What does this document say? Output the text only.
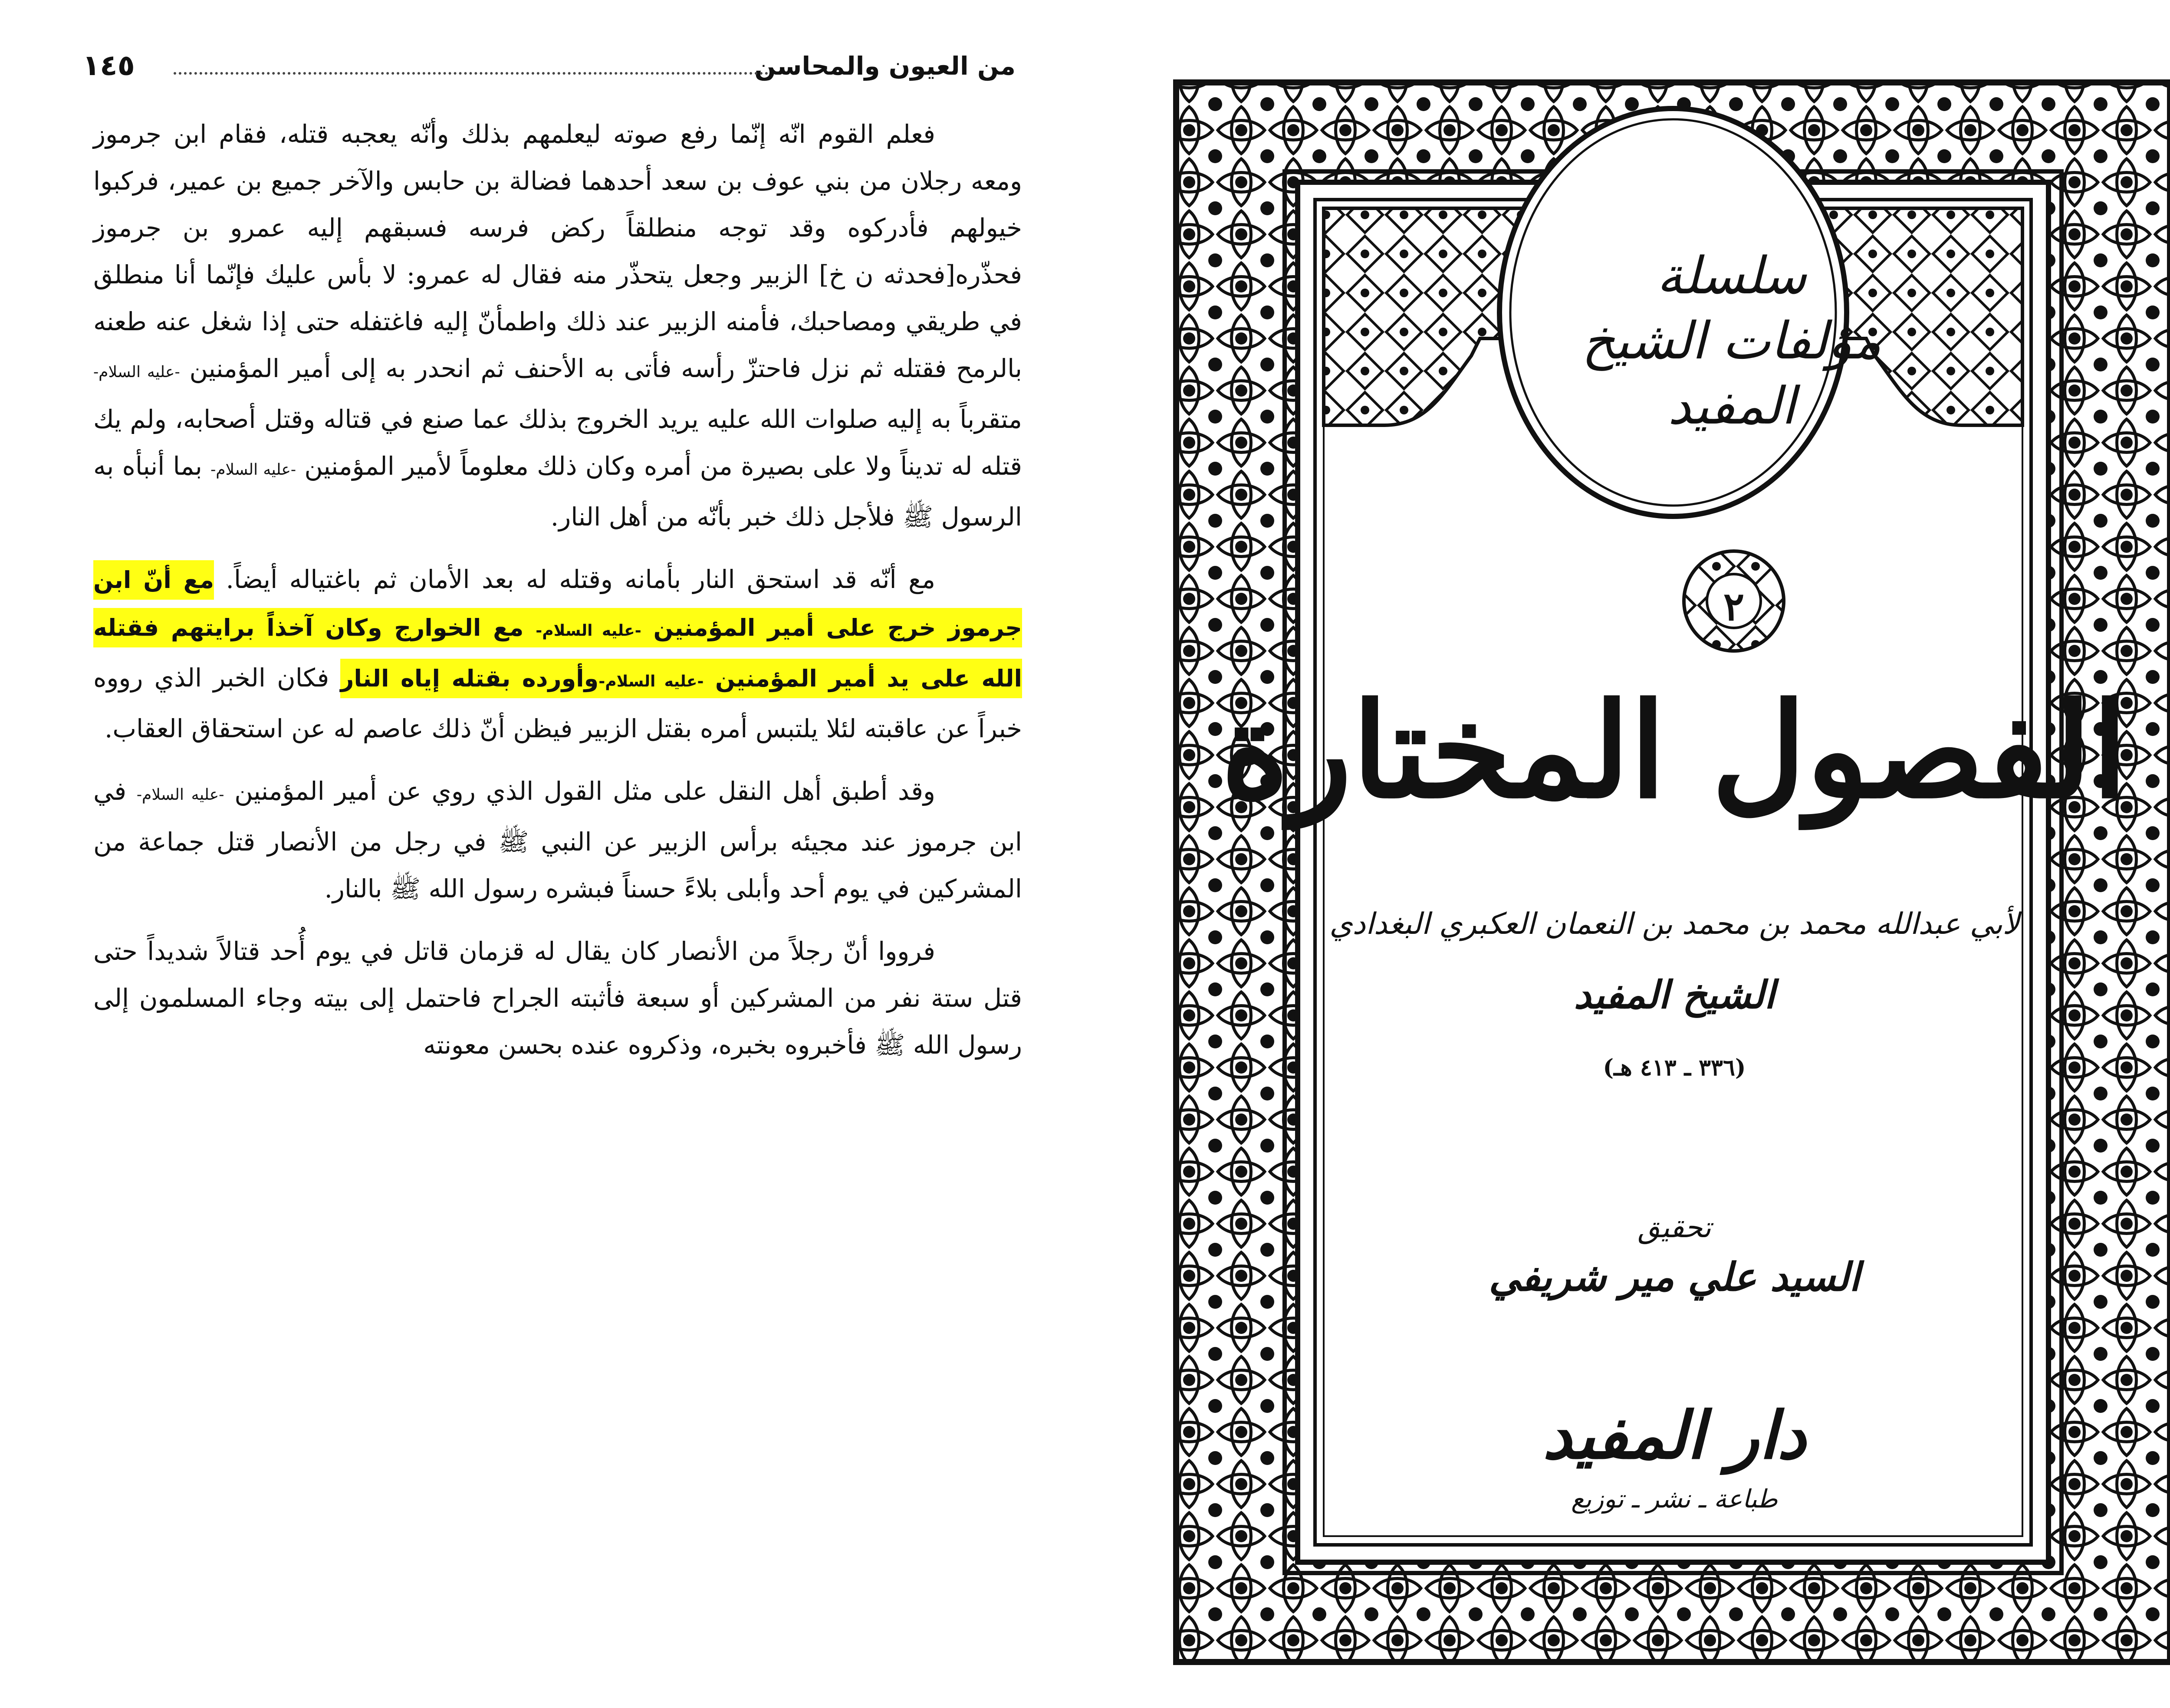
من العيون والمحاسن
١٤٥

فعلم القوم انّه إنّما رفع صوته ليعلمهم بذلك وأنّه يعجبه قتله، فقام ابن جرموز ومعه رجلان من بني عوف بن سعد أحدهما فضالة بن حابس والآخر جميع بن عمير، فركبوا خيولهم فأدركوه وقد توجه منطلقاً ركض فرسه فسبقهم إليه عمرو بن جرموز فحذّره[فحدثه ن خ] الزبير وجعل يتحذّر منه فقال له عمرو: لا بأس عليك فإنّما أنا منطلق في طريقي ومصاحبك، فأمنه الزبير عند ذلك واطمأنّ إليه فاغتفله حتى إذا شغل عنه طعنه بالرمح فقتله ثم نزل فاحتزّ رأسه فأتى به الأحنف ثم انحدر به إلى أمير المؤمنين -عليه السلام- متقرباً به إليه صلوات الله عليه يريد الخروج بذلك عما صنع في قتاله وقتل أصحابه، ولم يك قتله له تديناً ولا على بصيرة من أمره وكان ذلك معلوماً لأمير المؤمنين -عليه السلام- بما أنبأه به الرسول ﷺ فلأجل ذلك خبر بأنّه من أهل النار.

مع أنّه قد استحق النار بأمانه وقتله له بعد الأمان ثم باغتياله أيضاً. مع أنّ ابن جرموز خرج على أمير المؤمنين -عليه السلام- مع الخوارج وكان آخذاً برايتهم فقتله الله على يد أمير المؤمنين -عليه السلام-وأورده بقتله إياه النار فكان الخبر الذي رووه خبراً عن عاقبته لئلا يلتبس أمره بقتل الزبير فيظن أنّ ذلك عاصم له عن استحقاق العقاب.

وقد أطبق أهل النقل على مثل القول الذي روي عن أمير المؤمنين -عليه السلام- في ابن جرموز عند مجيئه برأس الزبير عن النبي ﷺ في رجل من الأنصار قتل جماعة من المشركين في يوم أحد وأبلى بلاءً حسناً فبشره رسول الله ﷺ بالنار.

فرووا أنّ رجلاً من الأنصار كان يقال له قزمان قاتل في يوم أُحد قتالاً شديداً حتى قتل ستة نفر من المشركين أو سبعة فأثبته الجراح فاحتمل إلى بيته وجاء المسلمون إلى رسول الله ﷺ فأخبروه بخبره، وذكروه عنده بحسن معونته

سلسلة مؤلفات الشيخ المفيد
٢
الفصول المختارة
لأبي عبدالله محمد بن محمد بن النعمان العكبري البغدادي
الشيخ المفيد
(٣٣٦ ـ ٤١٣ هـ)
تحقيق
السيد علي مير شريفي
دار المفيد
طباعة ـ نشر ـ توزيع
